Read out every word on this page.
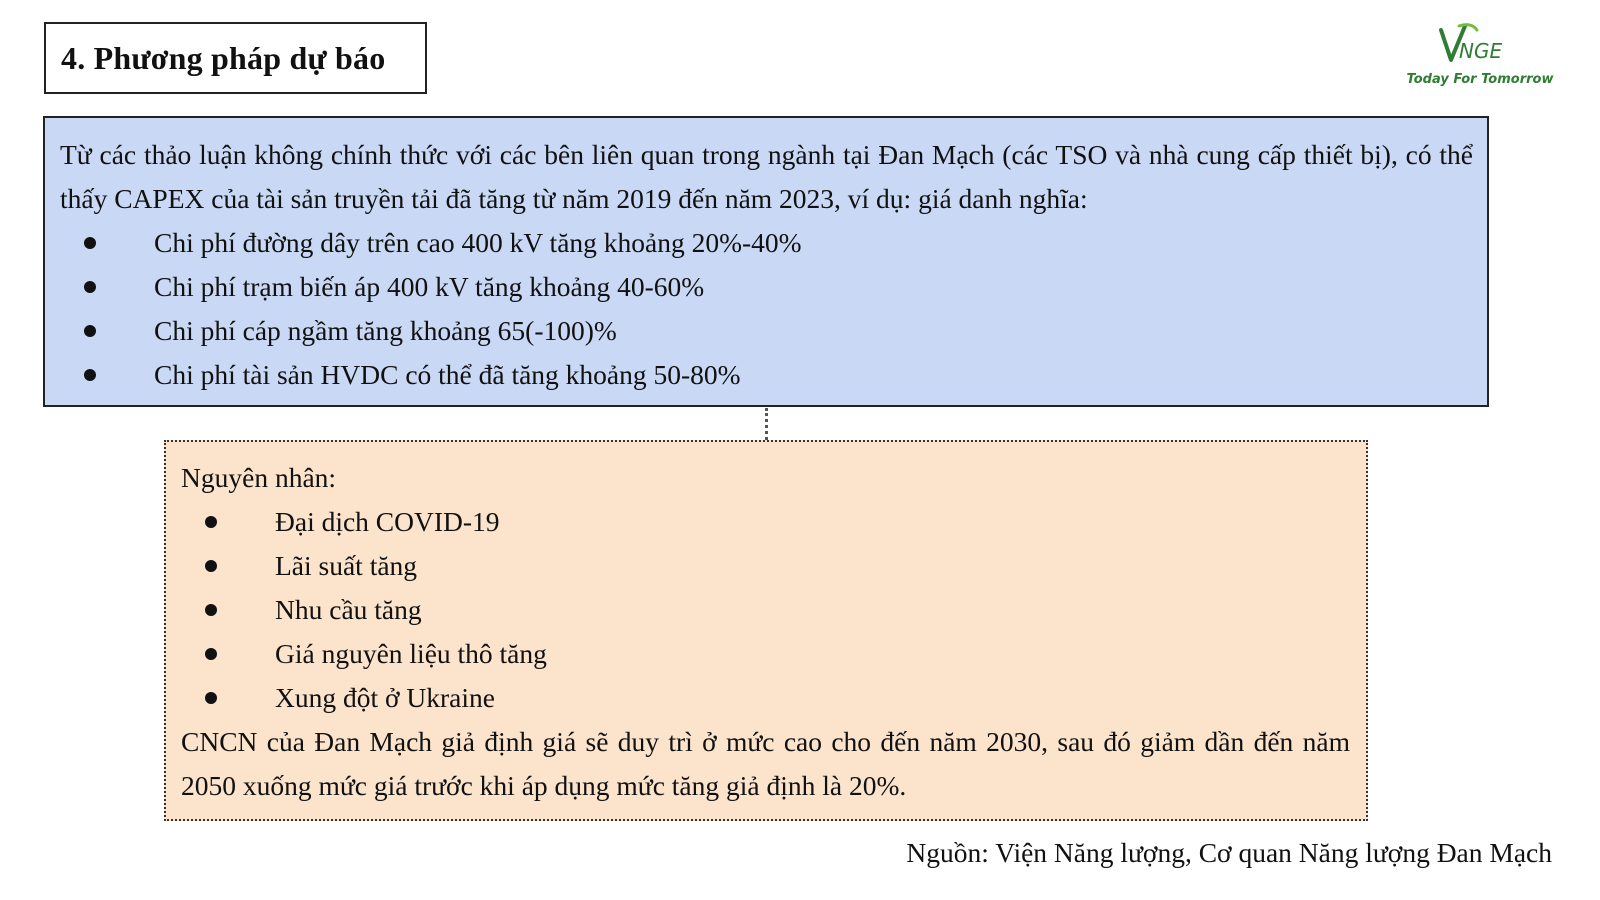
4. Phương pháp dự báo	NGE
Today For Tomorrow

Từ các thảo luận không chính thức với các bên liên quan trong ngành tại Đan Mạch (các TSO và nhà cung cấp thiết bị), có thể thấy CAPEX của tài sản truyền tải đã tăng từ năm 2019 đến năm 2023, ví dụ: giá danh nghĩa:

Chi phí đường dây trên cao 400 kV tăng khoảng 20%-40%
Chi phí trạm biến áp 400 kV tăng khoảng 40-60%
Chi phí cáp ngầm tăng khoảng 65(-100)%
Chi phí tài sản HVDC có thể đã tăng khoảng 50-80%

Nguyên nhân:

Đại dịch COVID-19
Lãi suất tăng
Nhu cầu tăng
Giá nguyên liệu thô tăng
Xung đột ở Ukraine

CNCN của Đan Mạch giả định giá sẽ duy trì ở mức cao cho đến năm 2030, sau đó giảm dần đến năm 2050 xuống mức giá trước khi áp dụng mức tăng giả định là 20%.

Nguồn: Viện Năng lượng, Cơ quan Năng lượng Đan Mạch
